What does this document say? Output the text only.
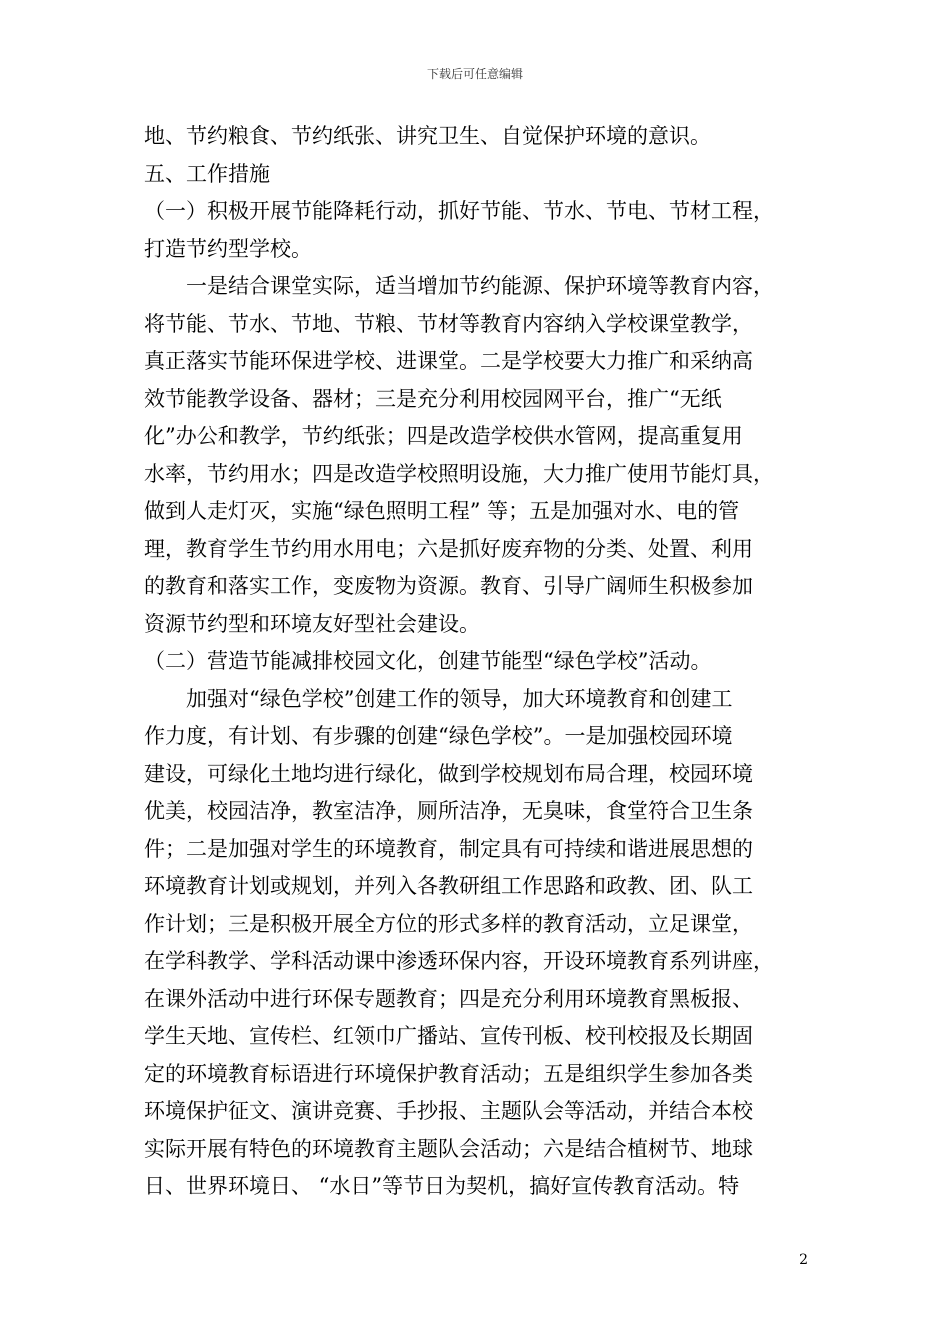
下载后可任意编辑
地、节约粮食、节约纸张、讲究卫生、自觉保护环境的意识。
五、工作措施
（一）积极开展节能降耗行动，抓好节能、节水、节电、节材工程，
打造节约型学校。
一是结合课堂实际，适当增加节约能源、保护环境等教育内容，
将节能、节水、节地、节粮、节材等教育内容纳入学校课堂教学，
真正落实节能环保进学校、进课堂。二是学校要大力推广和采纳高
效节能教学设备、器材；三是充分利用校园网平台，推广“无纸
化”办公和教学，节约纸张；四是改造学校供水管网，提高重复用
水率，节约用水；四是改造学校照明设施，大力推广使用节能灯具，
做到人走灯灭，实施“绿色照明工程” 等；五是加强对水、电的管
理，教育学生节约用水用电；六是抓好废弃物的分类、处置、利用
的教育和落实工作，变废物为资源。教育、引导广阔师生积极参加
资源节约型和环境友好型社会建设。
（二）营造节能减排校园文化，创建节能型“绿色学校”活动。
加强对“绿色学校”创建工作的领导，加大环境教育和创建工
作力度，有计划、有步骤的创建“绿色学校”。一是加强校园环境
建设，可绿化土地均进行绿化，做到学校规划布局合理，校园环境
优美，校园洁净，教室洁净，厕所洁净，无臭味，食堂符合卫生条
件；二是加强对学生的环境教育，制定具有可持续和谐进展思想的
环境教育计划或规划，并列入各教研组工作思路和政教、团、队工
作计划；三是积极开展全方位的形式多样的教育活动，立足课堂，
在学科教学、学科活动课中渗透环保内容，开设环境教育系列讲座，
在课外活动中进行环保专题教育；四是充分利用环境教育黑板报、
学生天地、宣传栏、红领巾广播站、宣传刊板、校刊校报及长期固
定的环境教育标语进行环境保护教育活动；五是组织学生参加各类
环境保护征文、演讲竞赛、手抄报、主题队会等活动，并结合本校
实际开展有特色的环境教育主题队会活动；六是结合植树节、地球
日、世界环境日、 “水日”等节日为契机，搞好宣传教育活动。特
2
